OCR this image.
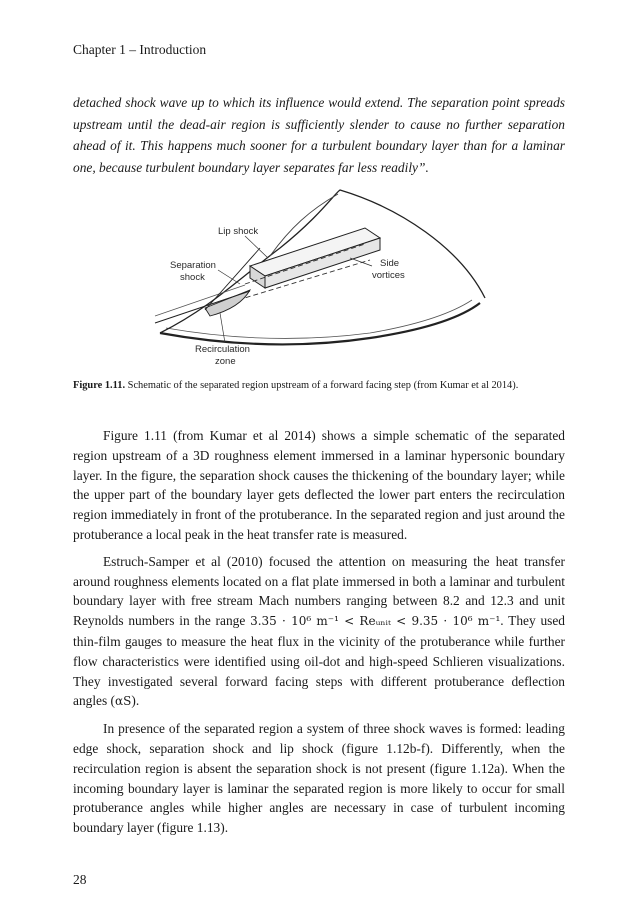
Chapter 1 – Introduction

detached shock wave up to which its influence would extend. The separation point spreads upstream until the dead-air region is sufficiently slender to cause no further separation ahead of it. This happens much sooner for a turbulent boundary layer than for a laminar one, because turbulent boundary layer separates far less readily”.

Lip shock
Separation
shock
Side
vortices
Recirculation
zone
Figure 1.11. Schematic of the separated region upstream of a forward facing step (from Kumar et al 2014).

Figure 1.11 (from Kumar et al 2014) shows a simple schematic of the separated region upstream of a 3D roughness element immersed in a laminar hypersonic boundary layer. In the figure, the separation shock causes the thickening of the boundary layer; while the upper part of the boundary layer gets deflected the lower part enters the recirculation region immediately in front of the protuberance. In the separated region and just around the protuberance a local peak in the heat transfer rate is measured.

Estruch-Samper et al (2010) focused the attention on measuring the heat transfer around roughness elements located on a flat plate immersed in both a laminar and turbulent boundary layer with free stream Mach numbers ranging between 8.2 and 12.3 and unit Reynolds numbers in the range 3.35 · 10⁶ m⁻¹ < Reᵤₙᵢₜ < 9.35 · 10⁶ m⁻¹. They used thin-film gauges to measure the heat flux in the vicinity of the protuberance while further flow characteristics were identified using oil-dot and high-speed Schlieren visualizations. They investigated several forward facing steps with different protuberance deflection angles (αS).

In presence of the separated region a system of three shock waves is formed: leading edge shock, separation shock and lip shock (figure 1.12b-f). Differently, when the recirculation region is absent the separation shock is not present (figure 1.12a). When the incoming boundary layer is laminar the separated region is more likely to occur for small protuberance angles while higher angles are necessary in case of turbulent incoming boundary layer (figure 1.13).

28
